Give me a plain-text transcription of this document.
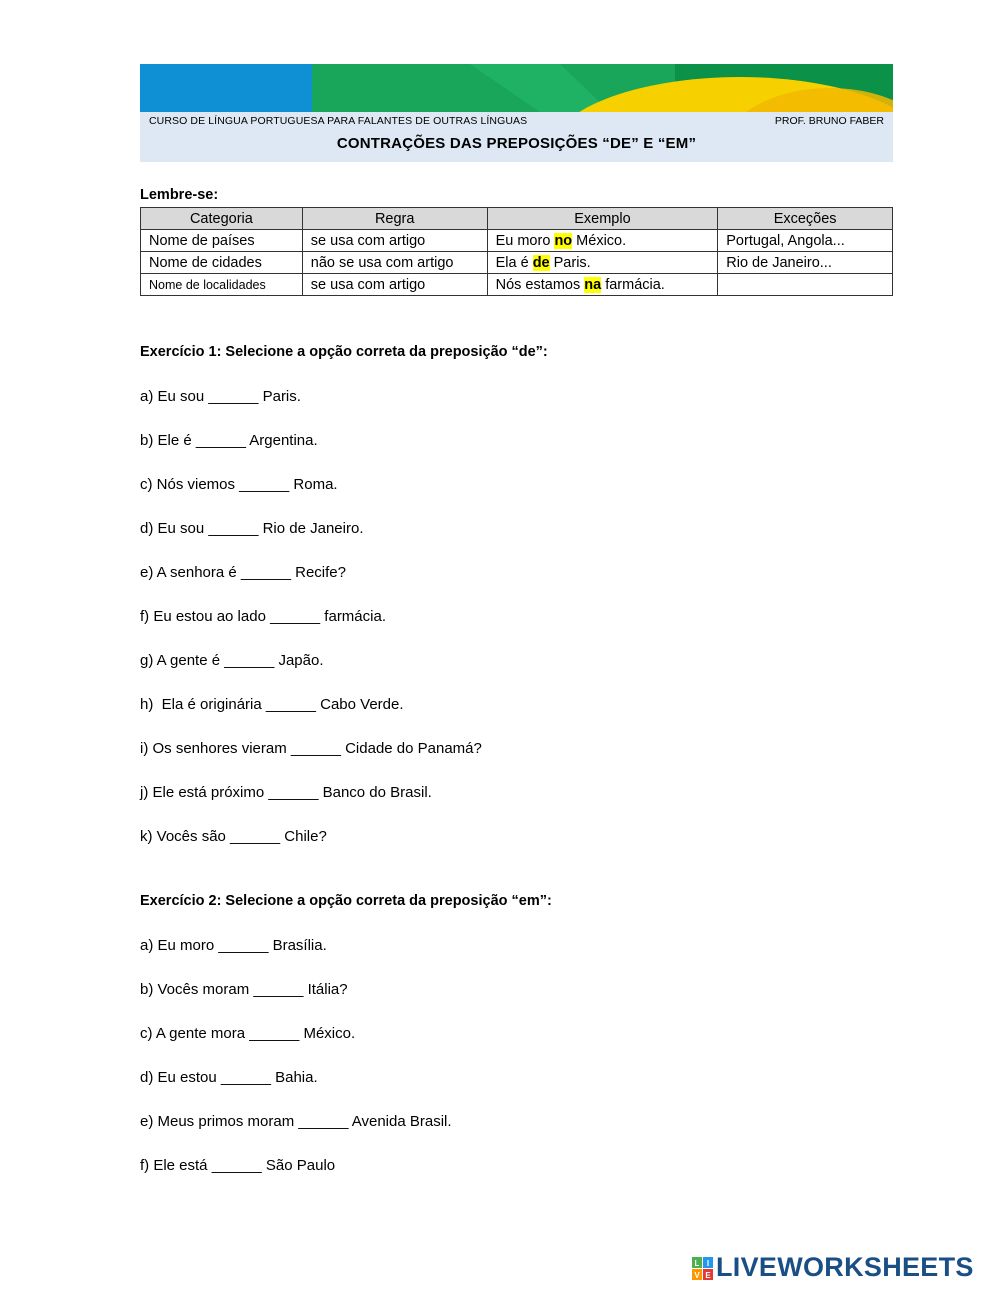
CURSO DE LÍNGUA PORTUGUESA PARA FALANTES DE OUTRAS LÍNGUAS	PROF. BRUNO FABER
CONTRAÇÕES DAS PREPOSIÇÕES “DE” E “EM”
Lembre-se:
Categoria	Regra	Exemplo	Exceções
Nome de países	se usa com artigo	Eu moro no México.	Portugal, Angola...
Nome de cidades	não se usa com artigo	Ela é de Paris.	Rio de Janeiro...
Nome de localidades	se usa com artigo	Nós estamos na farmácia.	
Exercício 1: Selecione a opção correta da preposição “de”:
a) Eu sou ______ Paris.
b) Ele é ______ Argentina.
c) Nós viemos ______ Roma.
d) Eu sou ______ Rio de Janeiro.
e) A senhora é ______ Recife?
f) Eu estou ao lado ______ farmácia.
g) A gente é ______ Japão.
h)  Ela é originária ______ Cabo Verde.
i) Os senhores vieram ______ Cidade do Panamá?
j) Ele está próximo ______ Banco do Brasil.
k) Vocês são ______ Chile?
Exercício 2: Selecione a opção correta da preposição “em”:
a) Eu moro ______ Brasília.
b) Vocês moram ______ Itália?
c) A gente mora ______ México.
d) Eu estou ______ Bahia.
e) Meus primos moram ______ Avenida Brasil.
f) Ele está ______ São Paulo
L I
V E LIVEWORKSHEETS
